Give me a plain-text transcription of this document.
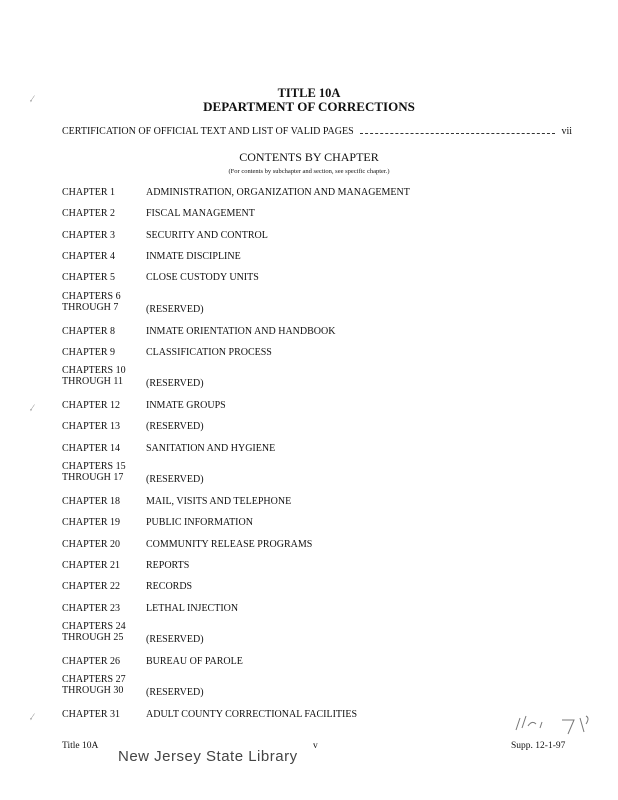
TITLE 10A
DEPARTMENT OF CORRECTIONS
CERTIFICATION OF OFFICIAL TEXT AND LIST OF VALID PAGES	vii
CONTENTS BY CHAPTER
(For contents by subchapter and section, see specific chapter.)
CHAPTER 1	ADMINISTRATION, ORGANIZATION AND MANAGEMENT
CHAPTER 2	FISCAL MANAGEMENT
CHAPTER 3	SECURITY AND CONTROL
CHAPTER 4	INMATE DISCIPLINE
CHAPTER 5	CLOSE CUSTODY UNITS
CHAPTERS 6
THROUGH 7	(RESERVED)
CHAPTER 8	INMATE ORIENTATION AND HANDBOOK
CHAPTER 9	CLASSIFICATION PROCESS
CHAPTERS 10
THROUGH 11	(RESERVED)
CHAPTER 12	INMATE GROUPS
CHAPTER 13	(RESERVED)
CHAPTER 14	SANITATION AND HYGIENE
CHAPTERS 15
THROUGH 17	(RESERVED)
CHAPTER 18	MAIL, VISITS AND TELEPHONE
CHAPTER 19	PUBLIC INFORMATION
CHAPTER 20	COMMUNITY RELEASE PROGRAMS
CHAPTER 21	REPORTS
CHAPTER 22	RECORDS
CHAPTER 23	LETHAL INJECTION
CHAPTERS 24
THROUGH 25	(RESERVED)
CHAPTER 26	BUREAU OF PAROLE
CHAPTERS 27
THROUGH 30	(RESERVED)
CHAPTER 31	ADULT COUNTY CORRECTIONAL FACILITIES
Title 10A	v	Supp. 12-1-97
New Jersey State Library
,⁄
,⁄
,⁄
